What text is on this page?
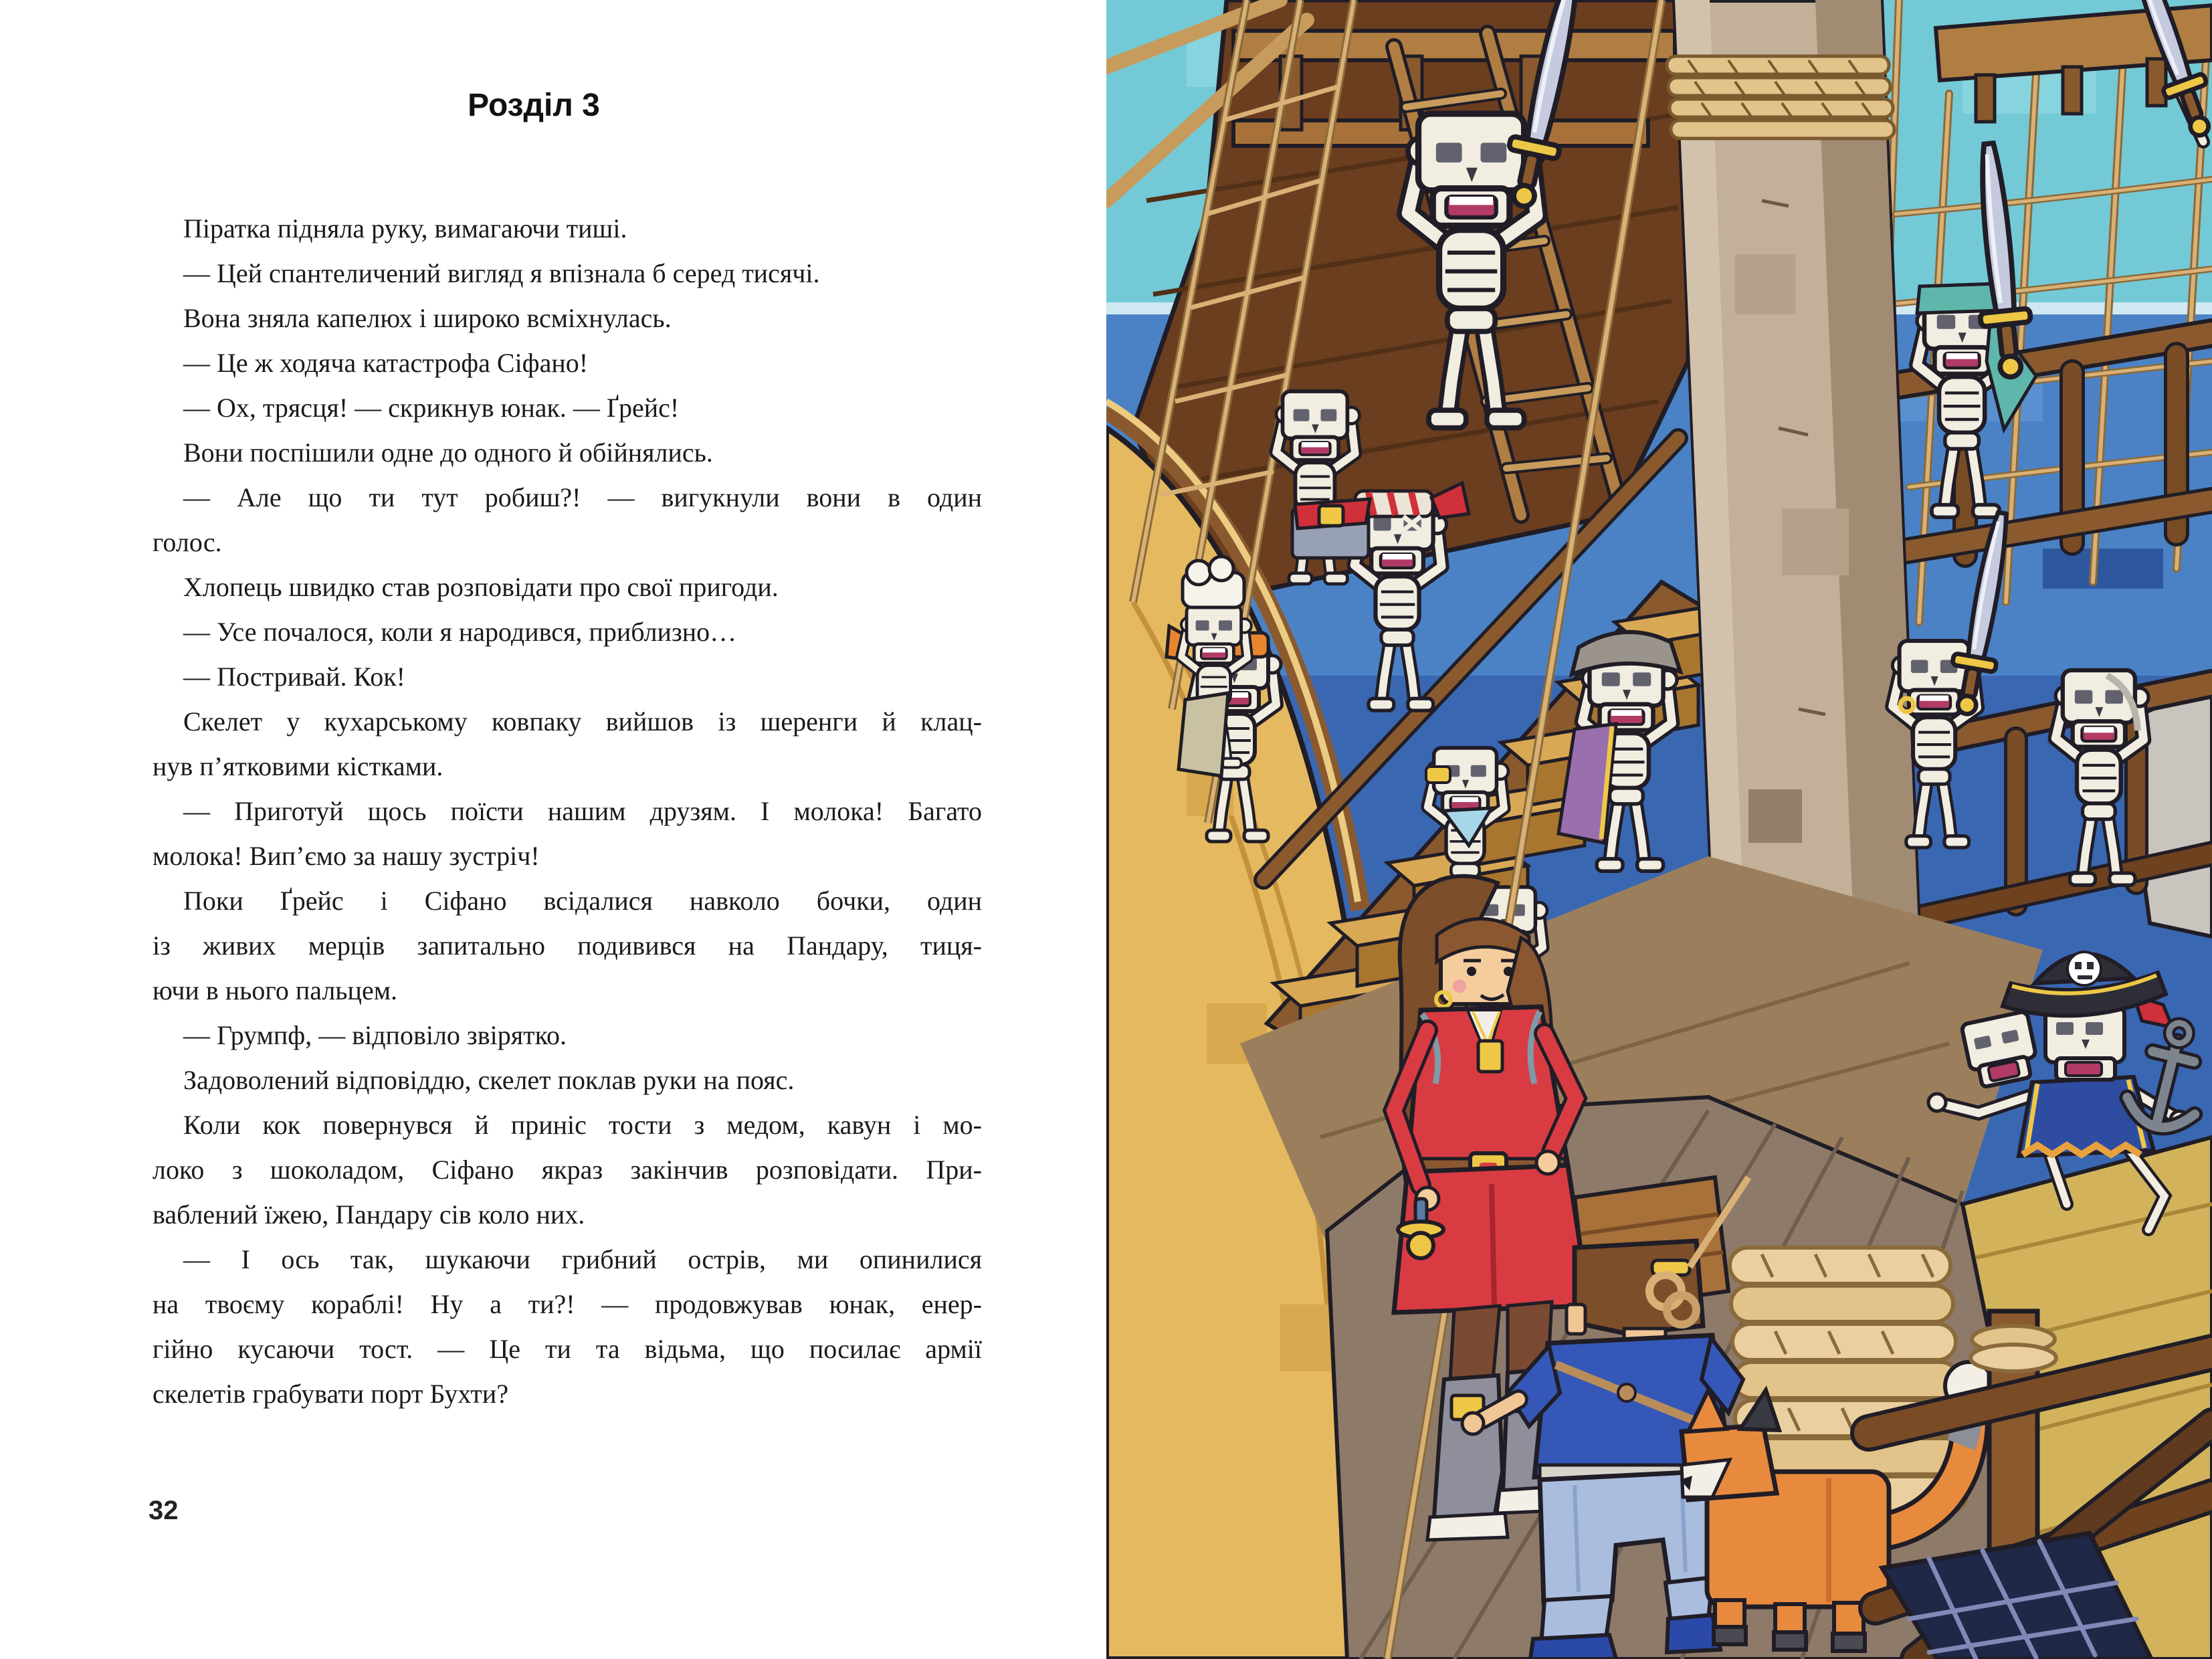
Розділ 3
Піратка підняла руку, вимагаючи тиші.
— Цей спантеличений вигляд я впізнала б серед тисячі.
Вона зняла капелюх і широко всміхнулась.
— Це ж ходяча катастрофа Сіфано!
— Ох, трясця! — скрикнув юнак. — Ґрейс!
Вони поспішили одне до одного й обійнялись.
— Але що ти тут робиш?! — вигукнули вони в один
голос.
Хлопець швидко став розповідати про свої пригоди.
— Усе почалося, коли я народився, приблизно…
— Постривай. Кок!
Скелет у кухарському ковпаку вийшов із шеренги й клац-
нув п’ятковими кістками.
— Приготуй щось поїсти нашим друзям. І молока! Багато
молока! Вип’ємо за нашу зустріч!
Поки Ґрейс і Сіфано всідалися навколо бочки, один
із живих мерців запитально подивився на Пандару, тиця-
ючи в нього пальцем.
— Грумпф, — відповіло звірятко.
Задоволений відповіддю, скелет поклав руки на пояс.
Коли кок повернувся й приніс тости з медом, кавун і мо-
локо з шоколадом, Сіфано якраз закінчив розповідати. При-
ваблений їжею, Пандару сів коло них.
— І ось так, шукаючи грибний острів, ми опинилися
на твоєму кораблі! Ну а ти?! — продовжував юнак, енер-
гійно кусаючи тост. — Це ти та відьма, що посилає армії
скелетів грабувати порт Бухти?
32
